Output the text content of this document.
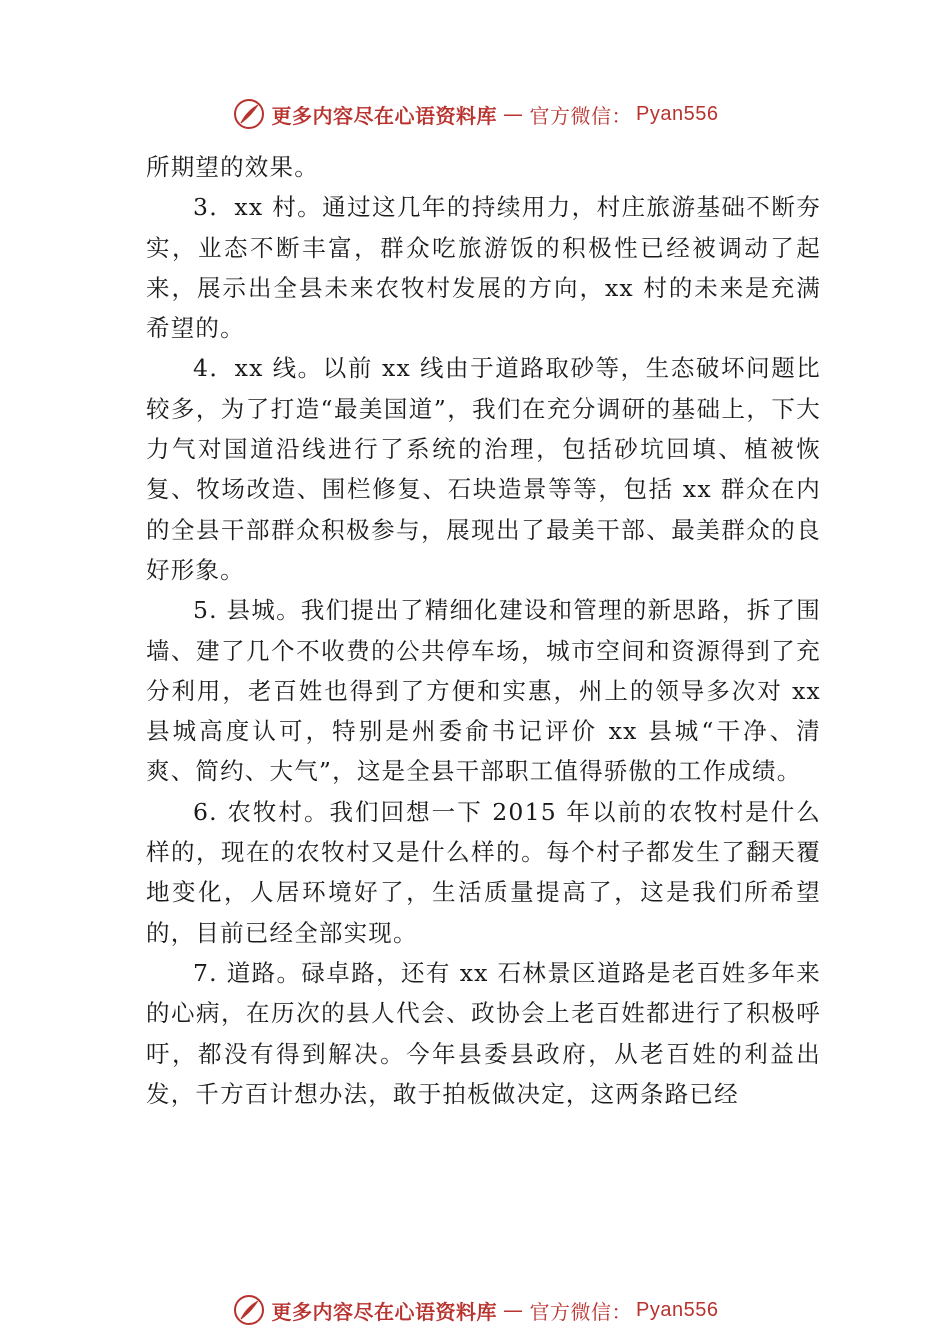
更多内容尽在心语资料库 — 官方微信： Pyan556

所期望的效果。

3．xx 村。通过这几年的持续用力，村庄旅游基础不断夯实，业态不断丰富，群众吃旅游饭的积极性已经被调动了起来，展示出全县未来农牧村发展的方向，xx 村的未来是充满希望的。

4．xx 线。以前 xx 线由于道路取砂等，生态破坏问题比较多，为了打造“最美国道”，我们在充分调研的基础上，下大力气对国道沿线进行了系统的治理，包括砂坑回填、植被恢复、牧场改造、围栏修复、石块造景等等，包括 xx 群众在内的全县干部群众积极参与，展现出了最美干部、最美群众的良好形象。

5. 县城。我们提出了精细化建设和管理的新思路，拆了围墙、建了几个不收费的公共停车场，城市空间和资源得到了充分利用，老百姓也得到了方便和实惠，州上的领导多次对 xx 县城高度认可，特别是州委俞书记评价 xx 县城“干净、清爽、简约、大气”，这是全县干部职工值得骄傲的工作成绩。

6. 农牧村。我们回想一下 2015 年以前的农牧村是什么样的，现在的农牧村又是什么样的。每个村子都发生了翻天覆地变化，人居环境好了，生活质量提高了，这是我们所希望的，目前已经全部实现。

7. 道路。碌卓路，还有 xx 石林景区道路是老百姓多年来的心病，在历次的县人代会、政协会上老百姓都进行了积极呼吁，都没有得到解决。今年县委县政府，从老百姓的利益出发，千方百计想办法，敢于拍板做决定，这两条路已经

更多内容尽在心语资料库 — 官方微信： Pyan556
